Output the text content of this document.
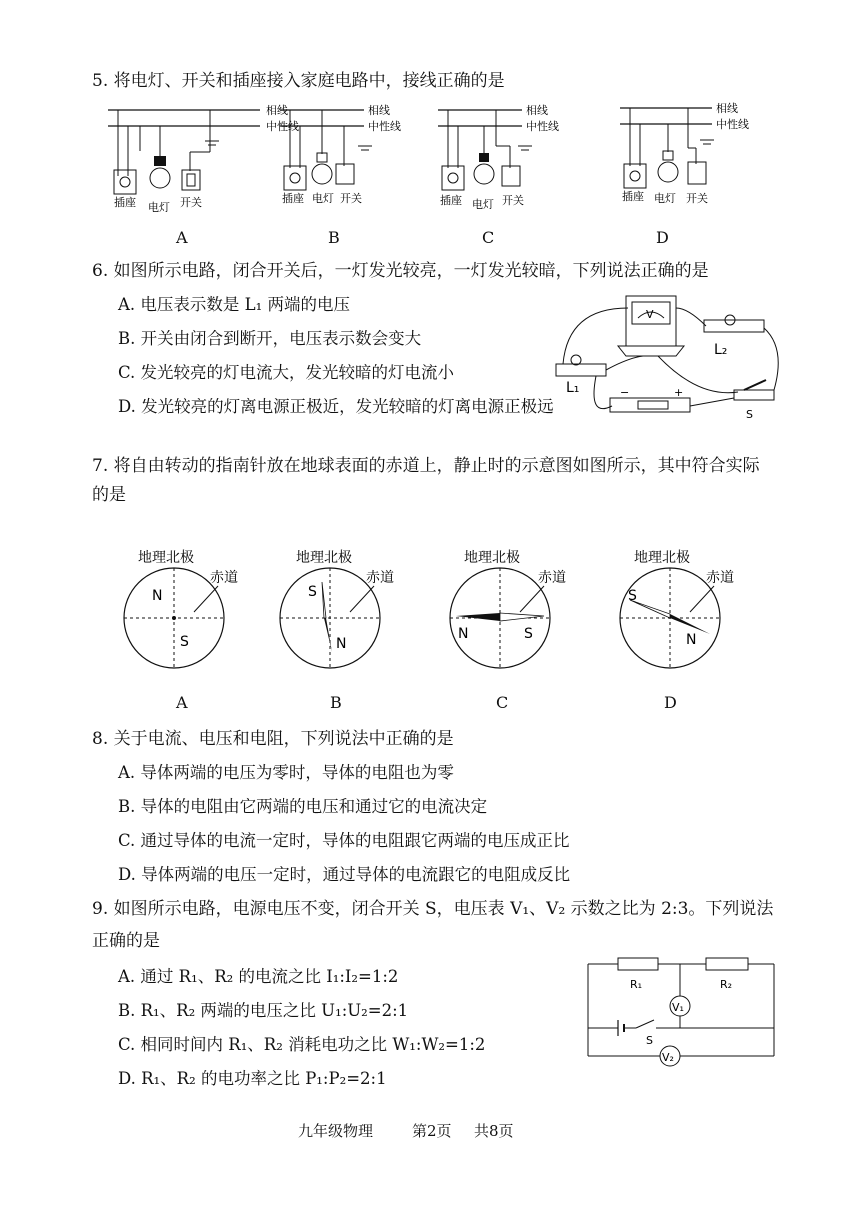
5. 将电灯、开关和插座接入家庭电路中，接线正确的是
相线
中性线
插座 电灯 开关
相线
中性线
插座 电灯 开关
相线
中性线
插座 电灯 开关
相线
中性线
插座 电灯 开关
A	B	C	D
6. 如图所示电路，闭合开关后，一灯发光较亮，一灯发光较暗，下列说法正确的是
A. 电压表示数是 L₁ 两端的电压
B. 开关由闭合到断开，电压表示数会变大
C. 发光较亮的灯电流大，发光较暗的灯电流小
D. 发光较亮的灯离电源正极近，发光较暗的灯离电源正极远
V
L₂
L₁	−	+
S
7. 将自由转动的指南针放在地球表面的赤道上，静止时的示意图如图所示，其中符合实际
的是
地理北极
赤道
N
S
地理北极
赤道
S
N
地理北极
赤道
N	S
地理北极
赤道
S
N
A	B	C	D
8. 关于电流、电压和电阻，下列说法中正确的是
A. 导体两端的电压为零时，导体的电阻也为零
B. 导体的电阻由它两端的电压和通过它的电流决定
C. 通过导体的电流一定时，导体的电阻跟它两端的电压成正比
D. 导体两端的电压一定时，通过导体的电流跟它的电阻成反比
9. 如图所示电路，电源电压不变，闭合开关 S，电压表 V₁、V₂ 示数之比为 2:3。下列说法
正确的是
A. 通过 R₁、R₂ 的电流之比 I₁:I₂=1:2
B. R₁、R₂ 两端的电压之比 U₁:U₂=2:1
C. 相同时间内 R₁、R₂ 消耗电功之比 W₁:W₂=1:2
D. R₁、R₂ 的电功率之比 P₁:P₂=2:1
R₁	R₂
V₁
S
V₂
九年级物理	第2页 共8页
